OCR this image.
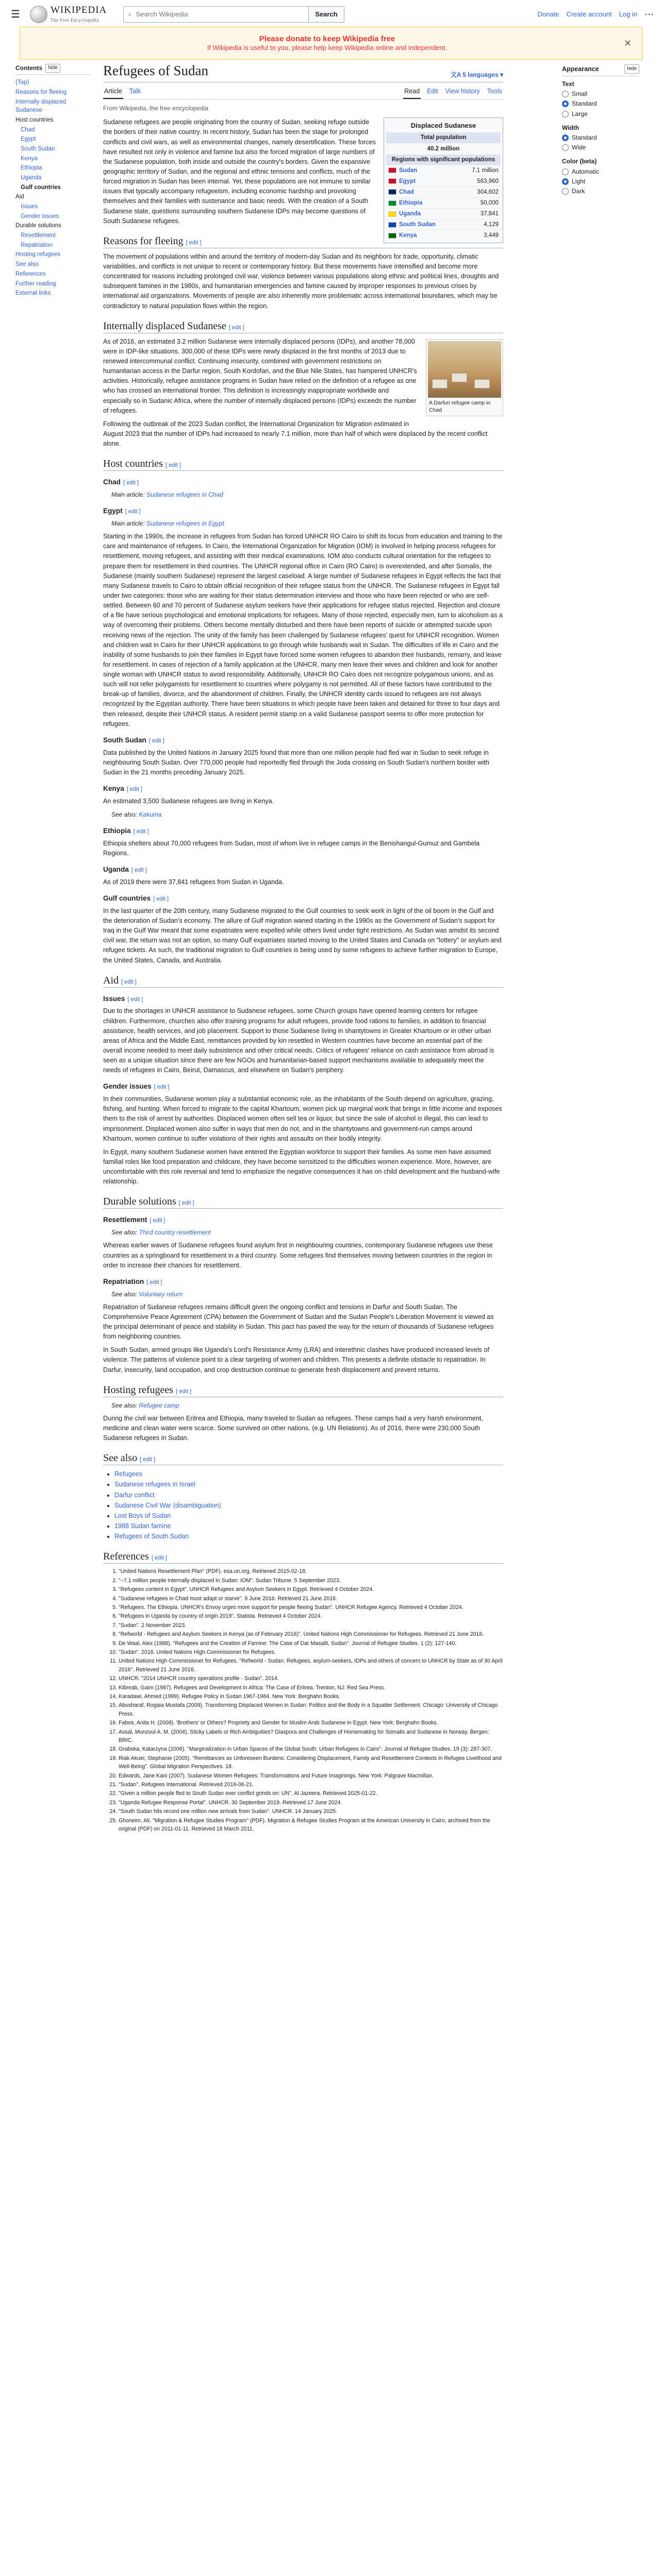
☰	WIKIPEDIA
The Free Encyclopedia
⌕ Search Wikipedia	Search	Donate Create account Log in ⋯
Please donate to keep Wikipedia free
If Wikipedia is useful to you, please help keep Wikipedia online and independent.	✕
Contents	hide
(Top)
Reasons for fleeing
Internally displaced Sudanese
Host countries
Chad
Egypt
South Sudan
Kenya
Ethiopia
Uganda
Gulf countries
Aid
Issues
Gender issues
Durable solutions
Resettlement
Repatriation
Hosting refugees
See also
References
Further reading
External links
Refugees of Sudan	文A 5 languages ▾
Article Talk	Read Edit View history Tools
From Wikipedia, the free encyclopedia
Displaced Sudanese
Total population
40.2 million
Regions with significant populations
Sudan	7.1 million
Egypt	563,960
Chad	304,602
Ethiopia	50,000
Uganda	37,841
South Sudan	4,129
Kenya	3,449

Sudanese refugees are people originating from the country of Sudan, seeking refuge outside the borders of their native country. In recent history, Sudan has been the stage for prolonged conflicts and civil wars, as well as environmental changes, namely desertification. These forces have resulted not only in violence and famine but also the forced migration of large numbers of the Sudanese population, both inside and outside the country's borders. Given the expansive geographic territory of Sudan, and the regional and ethnic tensions and conflicts, much of the forced migration in Sudan has been internal. Yet, these populations are not immune to similar issues that typically accompany refugeeism, including economic hardship and provoking themselves and their families with sustenance and basic needs. With the creation of a South Sudanese state, questions surrounding southern Sudanese IDPs may become questions of South Sudanese refugees.

Reasons for fleeing [ edit ]

The movement of populations within and around the territory of modern-day Sudan and its neighbors for trade, opportunity, climatic variabilities, and conflicts is not unique to recent or contemporary history. But these movements have intensified and become more concentrated for reasons including prolonged civil war, violence between various populations along ethnic and political lines, droughts and subsequent famines in the 1980s, and humanitarian emergencies and famine caused by improper responses to previous crises by international aid organizations. Movements of people are also inherently more problematic across international boundaries, which may be contradictory to natural population flows within the region.

Internally displaced Sudanese [ edit ]
A Darfuri refugee camp in Chad

As of 2016, an estimated 3.2 million Sudanese were internally displaced persons (IDPs), and another 78,000 were in IDP-like situations. 300,000 of these IDPs were newly displaced in the first months of 2013 due to renewed intercommunal conflict. Continuing insecurity, combined with government restrictions on humanitarian access in the Darfur region, South Kordofan, and the Blue Nile States, has hampered UNHCR's activities. Historically, refugee assistance programs in Sudan have relied on the definition of a refugee as one who has crossed an international frontier. This definition is increasingly inappropriate worldwide and especially so in Sudanic Africa, where the number of internally displaced persons (IDPs) exceeds the number of refugees.

Following the outbreak of the 2023 Sudan conflict, the International Organization for Migration estimated in August 2023 that the number of IDPs had increased to nearly 7.1 million, more than half of which were displaced by the recent conflict alone.

Host countries [ edit ]
Chad [ edit ]
Main article: Sudanese refugees in Chad
Egypt [ edit ]
Main article: Sudanese refugees in Egypt

Starting in the 1990s, the increase in refugees from Sudan has forced UNHCR RO Cairo to shift its focus from education and training to the care and maintenance of refugees. In Cairo, the International Organization for Migration (IOM) is involved in helping process refugees for resettlement, moving refugees, and assisting with their medical examinations. IOM also conducts cultural orientation for the refugees to prepare them for resettlement in third countries. The UNHCR regional office in Cairo (RO Cairo) is overextended, and after Somalis, the Sudanese (mainly southern Sudanese) represent the largest caseload. A large number of Sudanese refugees in Egypt reflects the fact that many Sudanese travels to Cairo to obtain official recognition of their refugee status from the UNHCR. The Sudanese refugees in Egypt fall under two categories: those who are waiting for their status determination interview and those who have been rejected or who are self-settled. Between 60 and 70 percent of Sudanese asylum seekers have their applications for refugee status rejected. Rejection and closure of a file have serious psychological and emotional implications for refugees. Many of those rejected, especially men, turn to alcoholism as a way of overcoming their problems. Others become mentally disturbed and there have been reports of suicide or attempted suicide upon receiving news of the rejection. The unity of the family has been challenged by Sudanese refugees' quest for UNHCR recognition. Women and children wait in Cairo for their UNHCR applications to go through while husbands wait in Sudan. The difficulties of life in Cairo and the inability of some husbands to join their families in Egypt have forced some women refugees to abandon their husbands, remarry, and leave for resettlement. In cases of rejection of a family application at the UNHCR, many men leave their wives and children and look for another single woman with UNHCR status to avoid responsibility. Additionally, UNHCR RO Cairo does not recognize polygamous unions, and as such will not refer polygamists for resettlement to countries where polygamy is not permitted. All of these factors have contributed to the break-up of families, divorce, and the abandonment of children. Finally, the UNHCR identity cards issued to refugees are not always recognized by the Egyptian authority. There have been situations in which people have been taken and detained for three to four days and then released, despite their UNHCR status. A resident permit stamp on a valid Sudanese passport seems to offer more protection for refugees.

South Sudan [ edit ]

Data published by the United Nations in January 2025 found that more than one million people had fled war in Sudan to seek refuge in neighbouring South Sudan. Over 770,000 people had reportedly fled through the Joda crossing on South Sudan's northern border with Sudan in the 21 months preceding January 2025.

Kenya [ edit ]

An estimated 3,500 Sudanese refugees are living in Kenya.

See also: Kakuma
Ethiopia [ edit ]

Ethiopia shelters about 70,000 refugees from Sudan, most of whom live in refugee camps in the Benishangul-Gumuz and Gambela Regions.

Uganda [ edit ]

As of 2019 there were 37,841 refugees from Sudan in Uganda.

Gulf countries [ edit ]

In the last quarter of the 20th century, many Sudanese migrated to the Gulf countries to seek work in light of the oil boom in the Gulf and the deterioration of Sudan's economy. The allure of Gulf migration waned starting in the 1990s as the Government of Sudan's support for Iraq in the Gulf War meant that some expatriates were expelled while others lived under tight restrictions. As Sudan was amidst its second civil war, the return was not an option, so many Gulf expatriates started moving to the United States and Canada on "lottery" or asylum and refugee tickets. As such, the traditional migration to Gulf countries is being used by some refugees to achieve further migration to Europe, the United States, Canada, and Australia.

Aid [ edit ]
Issues [ edit ]

Due to the shortages in UNHCR assistance to Sudanese refugees, some Church groups have opened learning centers for refugee children. Furthermore, churches also offer training programs for adult refugees, provide food rations to families, in addition to financial assistance, health services, and job placement. Support to those Sudanese living in shantytowns in Greater Khartoum or in other urban areas of Africa and the Middle East, remittances provided by kin resettled in Western countries have become an essential part of the overall income needed to meet daily subsistence and other critical needs. Critics of refugees' reliance on cash assistance from abroad is seen as a unique situation since there are few NGOs and humanitarian-based support mechanisms available to adequately meet the needs of refugees in Cairo, Beirut, Damascus, and elsewhere on Sudan's periphery.

Gender issues [ edit ]

In their communities, Sudanese women play a substantial economic role, as the inhabitants of the South depend on agriculture, grazing, fishing, and hunting. When forced to migrate to the capital Khartoum, women pick up marginal work that brings in little income and exposes them to the risk of arrest by authorities. Displaced women often sell tea or liquor, but since the sale of alcohol is illegal, this can lead to imprisonment. Displaced women also suffer in ways that men do not, and in the shantytowns and government-run camps around Khartoum, women continue to suffer violations of their rights and assaults on their bodily integrity.

In Egypt, many southern Sudanese women have entered the Egyptian workforce to support their families. As some men have assumed familial roles like food preparation and childcare, they have become sensitized to the difficulties women experience. More, however, are uncomfortable with this role reversal and tend to emphasize the negative consequences it has on child development and the husband-wife relationship.

Durable solutions [ edit ]
Resettlement [ edit ]
See also: Third country resettlement

Whereas earlier waves of Sudanese refugees found asylum first in neighbouring countries, contemporary Sudanese refugees use these countries as a springboard for resettlement in a third country. Some refugees find themselves moving between countries in the region in order to increase their chances for resettlement.

Repatriation [ edit ]
See also: Voluntary return

Repatriation of Sudanese refugees remains difficult given the ongoing conflict and tensions in Darfur and South Sudan. The Comprehensive Peace Agreement (CPA) between the Government of Sudan and the Sudan People's Liberation Movement is viewed as the principal determinant of peace and stability in Sudan. This pact has paved the way for the return of thousands of Sudanese refugees from neighboring countries.

In South Sudan, armed groups like Uganda's Lord's Resistance Army (LRA) and interethnic clashes have produced increased levels of violence. The patterns of violence point to a clear targeting of women and children. This presents a definite obstacle to repatriation. In Darfur, insecurity, land occupation, and crop destruction continue to generate fresh displacement and prevent returns.

Hosting refugees [ edit ]
See also: Refugee camp

During the civil war between Eritrea and Ethiopia, many traveled to Sudan as refugees. These camps had a very harsh environment, medicine and clean water were scarce. Some survived on other nations. (e.g. UN Relations). As of 2016, there were 230,000 South Sudanese refugees in Sudan.

See also [ edit ]
• Refugees
• Sudanese refugees in Israel
• Darfur conflict
• Sudanese Civil War (disambiguation)
• Lost Boys of Sudan
• 1988 Sudan famine
• Refugees of South Sudan
References [ edit ]
1. "United Nations Resettlement Plan" (PDF). esa.un.org. Retrieved 2015-02-18.
2. "~7.1 million people internally displaced in Sudan: IOM". Sudan Tribune. 5 September 2023.
3. "Refugees content in Egypt". UNHCR Refugees and Asylum Seekers in Egypt. Retrieved 4 October 2024.
4. "Sudanese refugees in Chad must adapt or starve". 9 June 2016. Retrieved 21 June 2016.
5. "Refugees. The Ethiopia. UNHCR's Envoy urges more support for people fleeing Sudan". UNHCR Refugee Agency. Retrieved 4 October 2024.
6. "Refugees in Uganda by country of origin 2019". Statista. Retrieved 4 October 2024.
7. "Sudan". 2 November 2023.
8. "Refworld - Refugees and Asylum Seekers in Kenya (as of February 2016)". United Nations High Commissioner for Refugees. Retrieved 21 June 2016.
9. De Waal, Alex (1988). "Refugees and the Creation of Famine: The Case of Dar Masalit, Sudan". Journal of Refugee Studies. 1 (2): 127-140.
10. "Sudan". 2016. United Nations High Commissioner for Refugees.
11. United Nations High Commissioner for Refugees. "Refworld - Sudan: Refugees, asylum-seekers, IDPs and others of concern to UNHCR by State as of 30 April 2016". Retrieved 21 June 2016.
12. UNHCR. "2014 UNHCR country operations profile - Sudan". 2014.
13. Kibreab, Gaim (1987). Refugees and Development in Africa: The Case of Eritrea. Trenton, NJ: Red Sea Press.
14. Karadawi, Ahmed (1999). Refugee Policy in Sudan 1967-1984. New York: Berghahn Books.
15. Abusharaf, Rogaia Mustafa (2009). Transforming Displaced Women in Sudan: Politics and the Body in a Squatter Settlement. Chicago: University of Chicago Press.
16. Fabos, Anita H. (2008). 'Brothers' or Others? Propriety and Gender for Muslim Arab Sudanese in Egypt. New York: Berghahn Books.
17. Assal, Munzoul A. M. (2004). Sticky Labels or Rich Ambiguities? Diaspora and Challenges of Homemaking for Somalis and Sudanese in Norway. Bergen: BRIC.
18. Grabska, Katarzyna (2006). "Marginalization in Urban Spaces of the Global South: Urban Refugees in Cairo". Journal of Refugee Studies. 19 (3): 287-307.
19. Riak Akuei, Stephanie (2005). "Remittances as Unforeseen Burdens: Considering Displacement, Family and Resettlement Contexts in Refugee Livelihood and Well-Being". Global Migration Perspectives. 18.
20. Edwards, Jane Kani (2007). Sudanese Women Refugees: Transformations and Future Imaginings. New York: Palgrave Macmillan.
21. "Sudan". Refugees International. Retrieved 2016-06-21.
22. "Given a million people fled to South Sudan over conflict grinds on: UN". Al Jazeera. Retrieved 2025-01-22.
23. "Uganda Refugee Response Portal". UNHCR. 30 September 2019. Retrieved 17 June 2024.
24. "South Sudan hits record one million new arrivals from Sudan". UNHCR. 14 January 2025.
25. Ghoneim, Ali. "Migration & Refugee Studies Program" (PDF). Migration & Refugee Studies Program at the American University in Cairo, archived from the original (PDF) on 2011-01-11. Retrieved 18 March 2011.
Appearance	hide
Text
Small
Standard
Large
Width
Standard
Wide
Color (beta)
Automatic
Light
Dark
